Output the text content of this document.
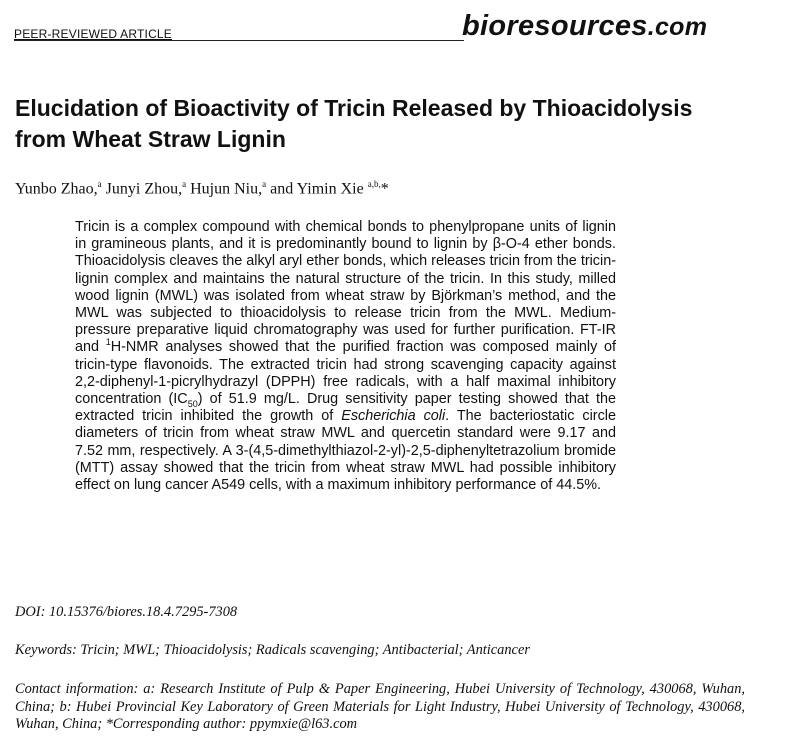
PEER-REVIEWED ARTICLE	bioresources.com
Elucidation of Bioactivity of Tricin Released by Thioacidolysis from Wheat Straw Lignin
Yunbo Zhao,$^a$ Junyi Zhou,$^a$ Hujun Niu,$^a$ and Yimin Xie $^{a,b,}$*

Tricin is a complex compound with chemical bonds to phenylpropane units of lignin in gramineous plants, and it is predominantly bound to lignin by β-O-4 ether bonds. Thioacidolysis cleaves the alkyl aryl ether bonds, which releases tricin from the tricin-lignin complex and maintains the natural structure of the tricin. In this study, milled wood lignin (MWL) was isolated from wheat straw by Björkman’s method, and the MWL was subjected to thioacidolysis to release tricin from the MWL. Medium-pressure preparative liquid chromatography was used for further purification. FT-IR and $^1$H-NMR analyses showed that the purified fraction was composed mainly of tricin-type flavonoids. The extracted tricin had strong scavenging capacity against 2,2-diphenyl-1-picrylhydrazyl (DPPH) free radicals, with a half maximal inhibitory concentration $(IC_{50})$ of 51.9 mg/L. Drug sensitivity paper testing showed that the extracted tricin inhibited the growth of Escherichia coli. The bacteriostatic circle diameters of tricin from wheat straw MWL and quercetin standard were 9.17 and 7.52 mm, respectively. A 3-(4,5-dimethylthiazol-2-yl)-2,5-diphenyltetrazolium bromide (MTT) assay showed that the tricin from wheat straw MWL had possible inhibitory effect on lung cancer A549 cells, with a maximum inhibitory performance of 44.5%.

DOI: 10.15376/biores.18.4.7295-7308

Keywords: Tricin; MWL; Thioacidolysis; Radicals scavenging; Antibacterial; Anticancer

Contact information: a: Research Institute of Pulp & Paper Engineering, Hubei University of Technology, 430068, Wuhan, China; b: Hubei Provincial Key Laboratory of Green Materials for Light Industry, Hubei University of Technology, 430068, Wuhan, China; *Corresponding author: ppymxie@l63.com
